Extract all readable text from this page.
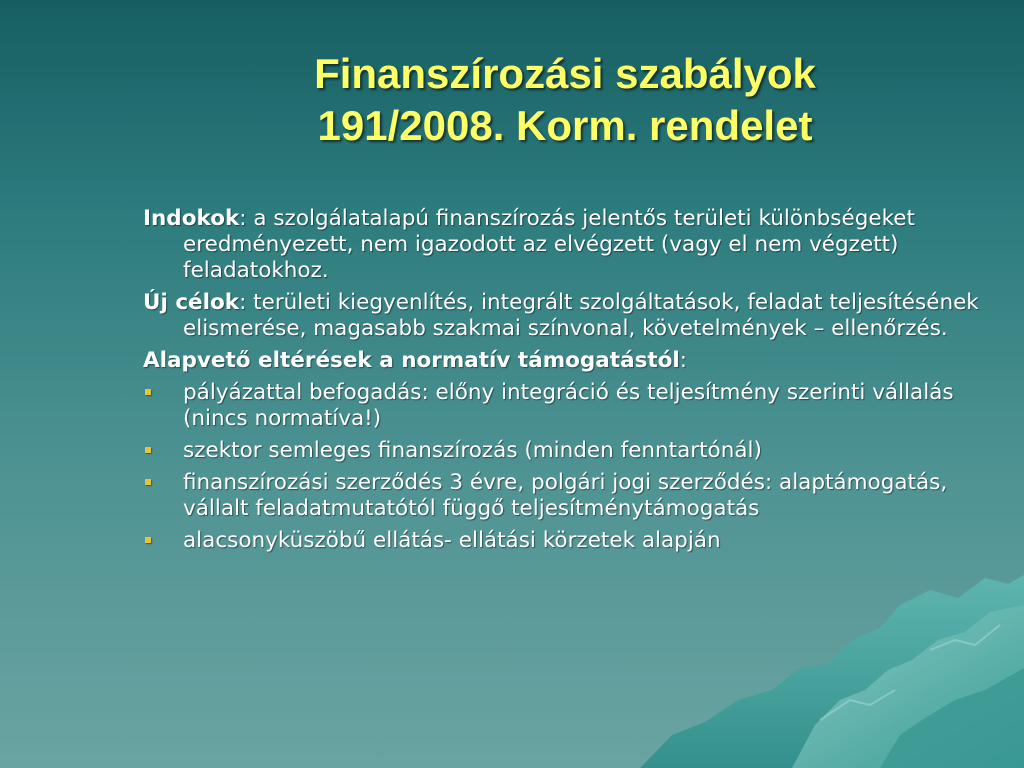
Finanszírozási szabályok
191/2008. Korm. rendelet

Indokok: a szolgálatalapú finanszírozás jelentős területi különbségeket eredményezett, nem igazodott az elvégzett (vagy el nem végzett) feladatokhoz.

Új célok: területi kiegyenlítés, integrált szolgáltatások, feladat teljesítésének elismerése, magasabb szakmai színvonal, követelmények – ellenőrzés.

Alapvető eltérések a normatív támogatástól:

pályázattal befogadás: előny integráció és teljesítmény szerinti vállalás (nincs normatíva!)
szektor semleges finanszírozás (minden fenntartónál)
finanszírozási szerződés 3 évre, polgári jogi szerződés: alaptámogatás, vállalt feladatmutatótól függő teljesítménytámogatás
alacsonyküszöbű ellátás- ellátási körzetek alapján
